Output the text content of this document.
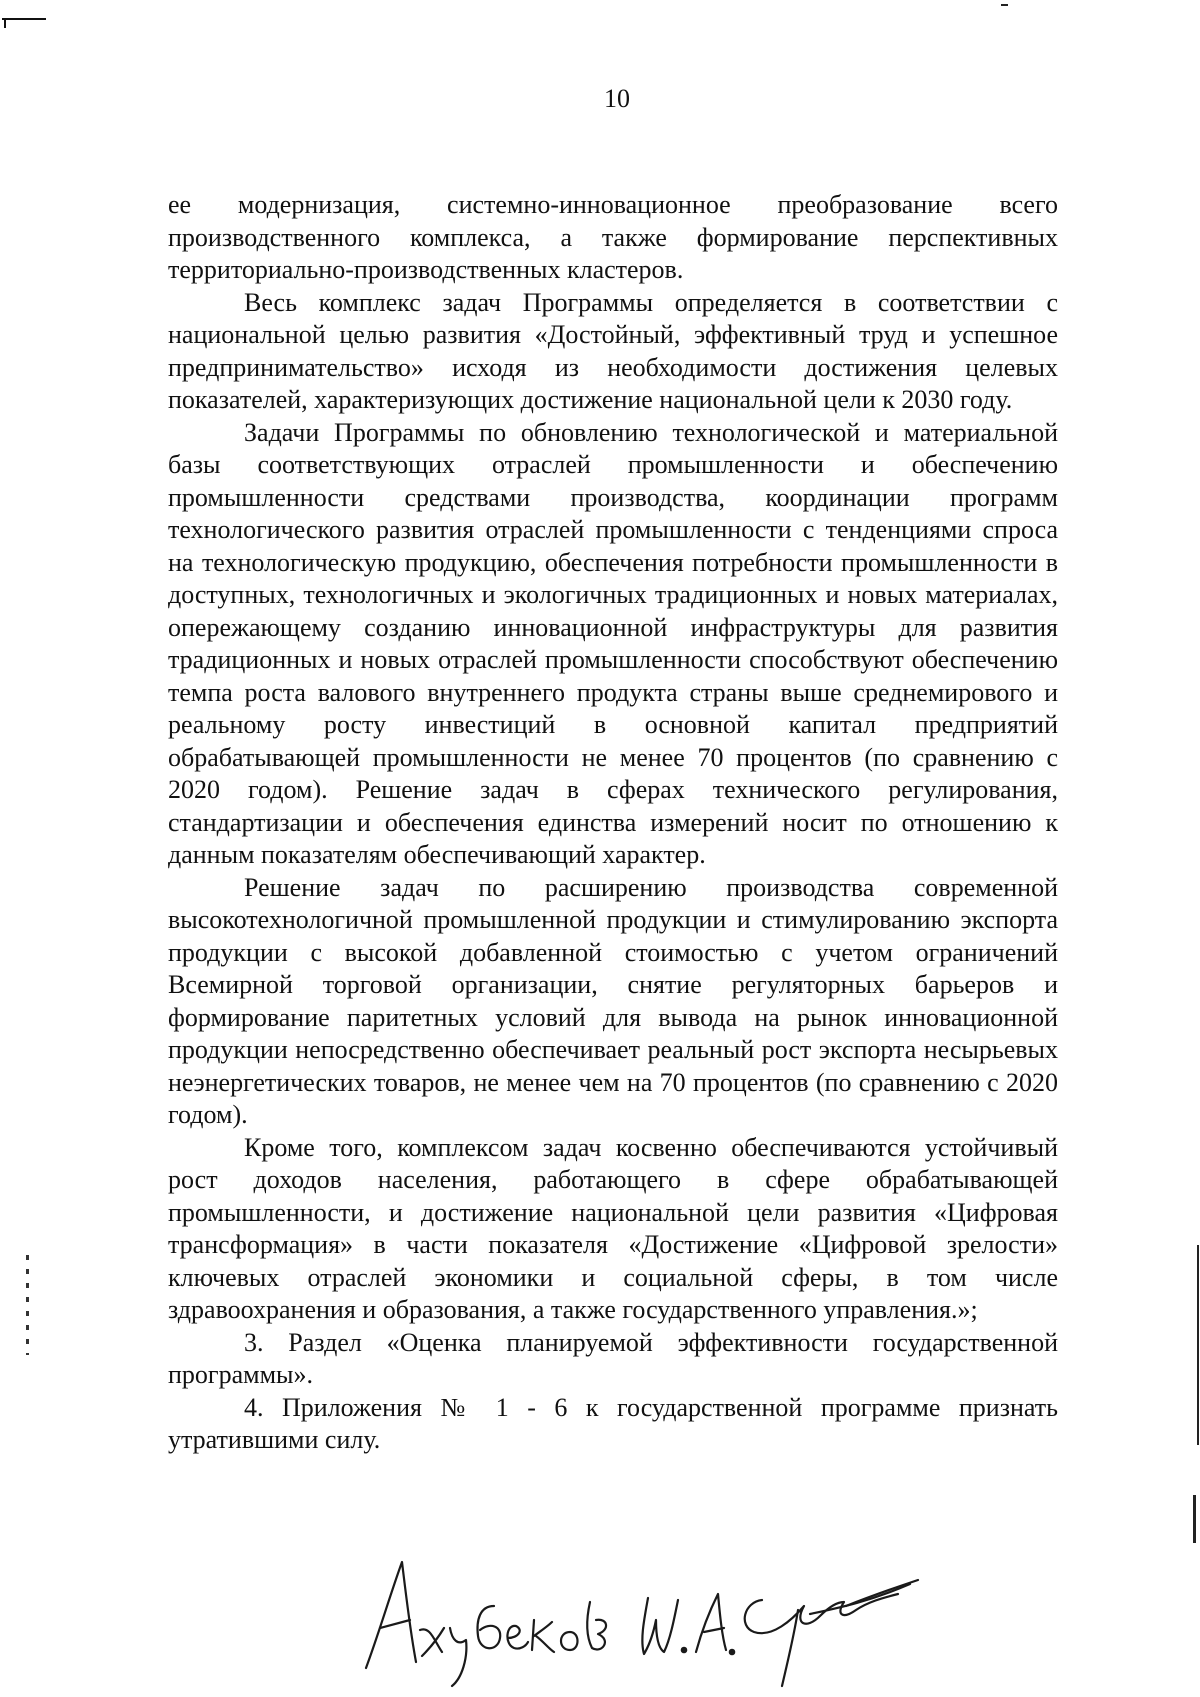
10

ее модернизация, системно-инновационное преобразование всего производственного комплекса, а также формирование перспективных территориально-производственных кластеров.

Весь комплекс задач Программы определяется в соответствии с национальной целью развития «Достойный, эффективный труд и успешное предпринимательство» исходя из необходимости достижения целевых показателей, характеризующих достижение национальной цели к 2030 году.

Задачи Программы по обновлению технологической и материальной базы соответствующих отраслей промышленности и обеспечению промышленности средствами производства, координации программ технологического развития отраслей промышленности с тенденциями спроса на технологическую продукцию, обеспечения потребности промышленности в доступных, технологичных и экологичных традиционных и новых материалах, опережающему созданию инновационной инфраструктуры для развития традиционных и новых отраслей промышленности способствуют обеспечению темпа роста валового внутреннего продукта страны выше среднемирового и реальному росту инвестиций в основной капитал предприятий обрабатывающей промышленности не менее 70 процентов (по сравнению с 2020 годом). Решение задач в сферах технического регулирования, стандартизации и обеспечения единства измерений носит по отношению к данным показателям обеспечивающий характер.

Решение задач по расширению производства современной высокотехнологичной промышленной продукции и стимулированию экспорта продукции с высокой добавленной стоимостью с учетом ограничений Всемирной торговой организации, снятие регуляторных барьеров и формирование паритетных условий для вывода на рынок инновационной продукции непосредственно обеспечивает реальный рост экспорта несырьевых неэнергетических товаров, не менее чем на 70 процентов (по сравнению с 2020 годом).

Кроме того, комплексом задач косвенно обеспечиваются устойчивый рост доходов населения, работающего в сфере обрабатывающей промышленности, и достижение национальной цели развития «Цифровая трансформация» в части показателя «Достижение «Цифровой зрелости» ключевых отраслей экономики и социальной сферы, в том числе здравоохранения и образования, а также государственного управления.»;

3. Раздел «Оценка планируемой эффективности государственной программы».

4. Приложения № 1 - 6 к государственной программе признать утратившими силу.
